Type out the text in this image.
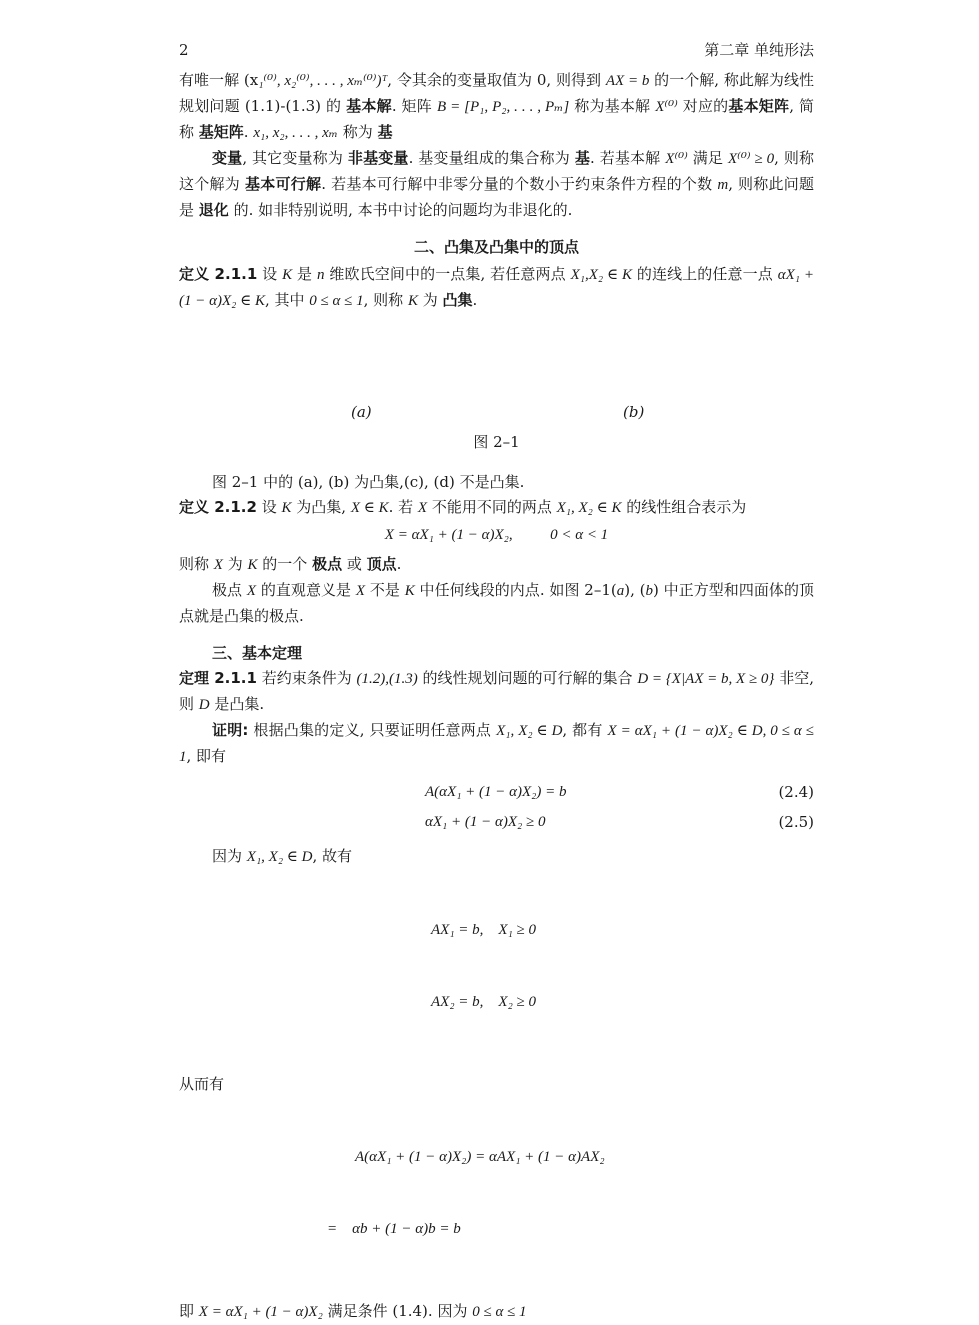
2	第二章 单纯形法

有唯一解 (x₁⁽⁰⁾, x₂⁽⁰⁾, . . . , xₘ⁽⁰⁾)ᵀ, 令其余的变量取值为 0, 则得到 AX = b 的一个解, 称此解为线性规划问题 (1.1)-(1.3) 的 基本解. 矩阵 B = [P₁, P₂, . . . , Pₘ] 称为基本解 X⁽⁰⁾ 对应的基本矩阵, 简称 基矩阵. x₁, x₂, . . . , xₘ 称为 基

变量, 其它变量称为 非基变量. 基变量组成的集合称为 基. 若基本解 X⁽⁰⁾ 满足 X⁽⁰⁾ ≥ 0, 则称这个解为 基本可行解. 若基本可行解中非零分量的个数小于约束条件方程的个数 m, 则称此问题是 退化 的. 如非特别说明, 本书中讨论的问题均为非退化的.

二、凸集及凸集中的顶点

定义 2.1.1 设 K 是 n 维欧氏空间中的一点集, 若任意两点 X₁,X₂ ∈ K 的连线上的任意一点 αX₁ + (1 − α)X₂ ∈ K, 其中 0 ≤ α ≤ 1, 则称 K 为 凸集.

(a)	(b)
图 2–1

图 2–1 中的 (a), (b) 为凸集,(c), (d) 不是凸集.

定义 2.1.2 设 K 为凸集, X ∈ K. 若 X 不能用不同的两点 X₁, X₂ ∈ K 的线性组合表示为

X = αX₁ + (1 − α)X₂,          0 < α < 1

则称 X 为 K 的一个 极点 或 顶点.

极点 X 的直观意义是 X 不是 K 中任何线段的内点. 如图 2–1(a), (b) 中正方型和四面体的顶点就是凸集的极点.

三、基本定理

定理 2.1.1 若约束条件为 (1.2),(1.3) 的线性规划问题的可行解的集合 D = {X|AX = b, X ≥ 0} 非空, 则 D 是凸集.

证明: 根据凸集的定义, 只要证明任意两点 X₁, X₂ ∈ D, 都有 X = αX₁ + (1 − α)X₂ ∈ D, 0 ≤ α ≤ 1, 即有

A(αX₁ + (1 − α)X₂) = b	(2.4)
αX₁ + (1 − α)X₂ ≥ 0	(2.5)

因为 X₁, X₂ ∈ D, 故有

AX₁ = b,    X₁ ≥ 0

AX₂ = b,    X₂ ≥ 0

从而有

A(αX₁ + (1 − α)X₂) = αAX₁ + (1 − α)AX₂

=    αb + (1 − α)b = b

即 X = αX₁ + (1 − α)X₂ 满足条件 (1.4). 因为 0 ≤ α ≤ 1
